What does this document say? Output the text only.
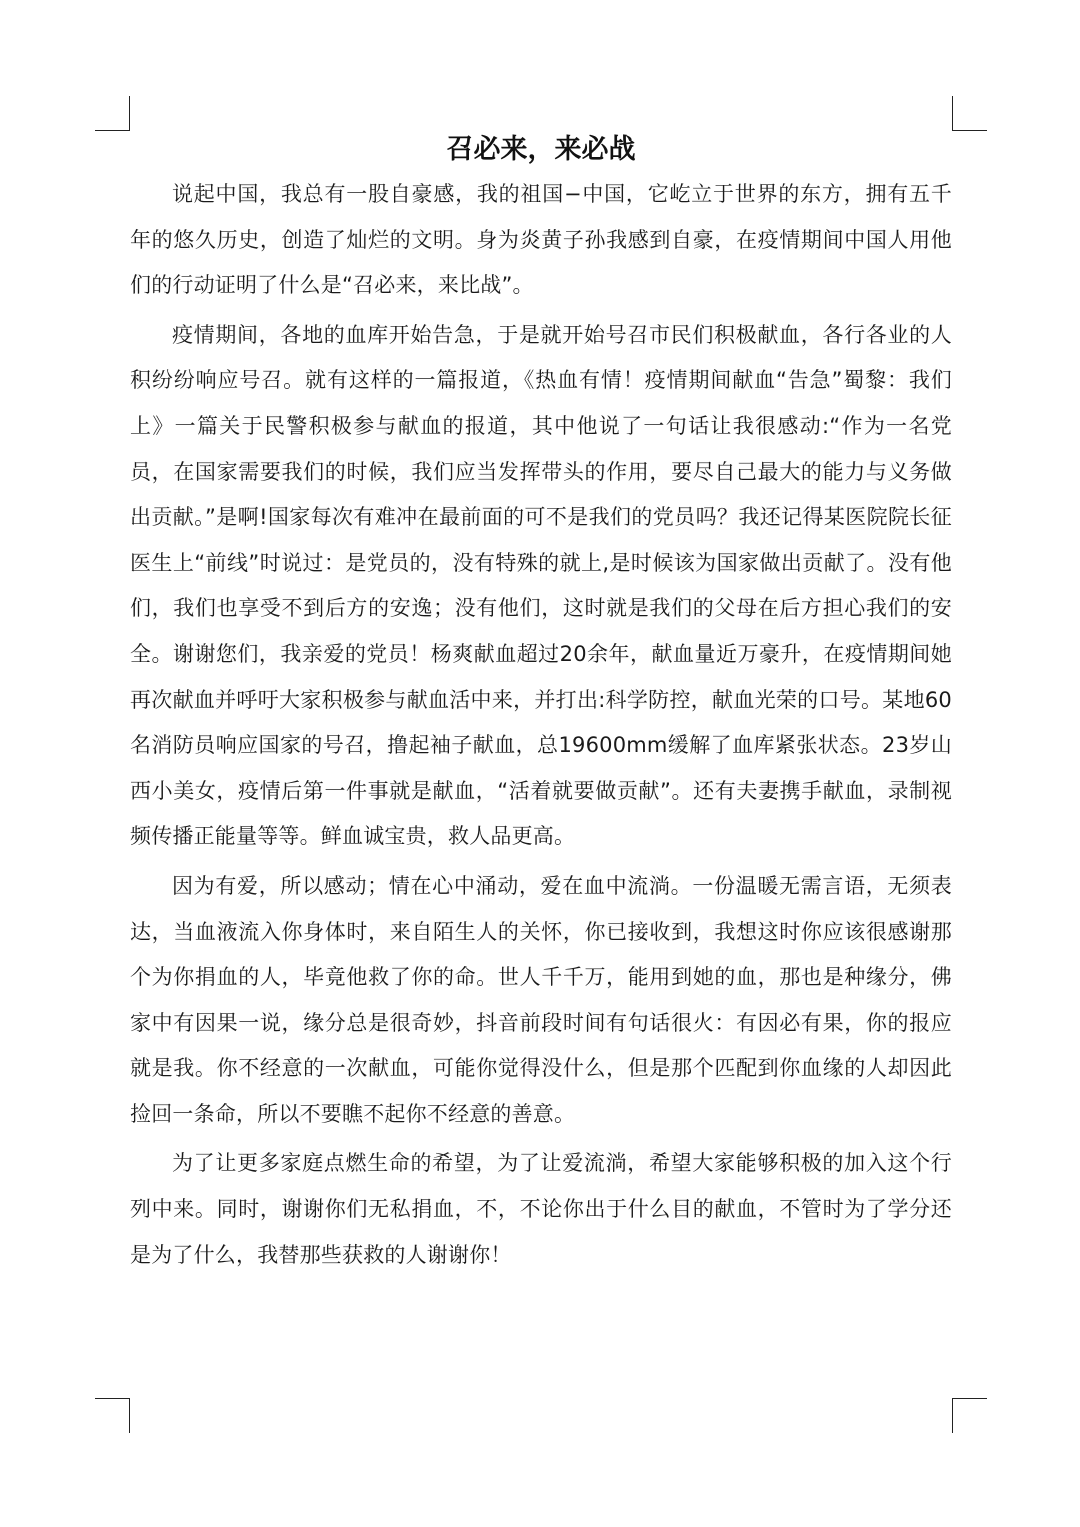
召必来，来必战

说起中国，我总有一股自豪感，我的祖国−中国，它屹立于世界的东方，拥有五千年的悠久历史，创造了灿烂的文明。身为炎黄子孙我感到自豪，在疫情期间中国人用他们的行动证明了什么是“召必来，来比战”。

疫情期间，各地的血库开始告急，于是就开始号召市民们积极献血，各行各业的人积纷纷响应号召。就有这样的一篇报道，《热血有情！疫情期间献血“告急”蜀黎：我们上》一篇关于民警积极参与献血的报道，其中他说了一句话让我很感动:“作为一名党员，在国家需要我们的时候，我们应当发挥带头的作用，要尽自己最大的能力与义务做出贡献。”是啊!国家每次有难冲在最前面的可不是我们的党员吗？我还记得某医院院长征医生上“前线”时说过：是党员的，没有特殊的就上,是时候该为国家做出贡献了。没有他们，我们也享受不到后方的安逸；没有他们，这时就是我们的父母在后方担心我们的安全。谢谢您们，我亲爱的党员！杨爽献血超过20余年，献血量近万豪升，在疫情期间她再次献血并呼吁大家积极参与献血活中来，并打出:科学防控，献血光荣的口号。某地60名消防员响应国家的号召，撸起袖子献血，总19600mm缓解了血库紧张状态。23岁山西小美女，疫情后第一件事就是献血，“活着就要做贡献”。还有夫妻携手献血，录制视频传播正能量等等。鲜血诚宝贵，救人品更高。

因为有爱，所以感动；情在心中涌动，爱在血中流淌。一份温暖无需言语，无须表达，当血液流入你身体时，来自陌生人的关怀，你已接收到，我想这时你应该很感谢那个为你捐血的人，毕竟他救了你的命。世人千千万，能用到她的血，那也是种缘分，佛家中有因果一说，缘分总是很奇妙，抖音前段时间有句话很火：有因必有果，你的报应就是我。你不经意的一次献血，可能你觉得没什么，但是那个匹配到你血缘的人却因此捡回一条命，所以不要瞧不起你不经意的善意。

为了让更多家庭点燃生命的希望，为了让爱流淌，希望大家能够积极的加入这个行列中来。同时，谢谢你们无私捐血，不，不论你出于什么目的献血，不管时为了学分还是为了什么，我替那些获救的人谢谢你！
